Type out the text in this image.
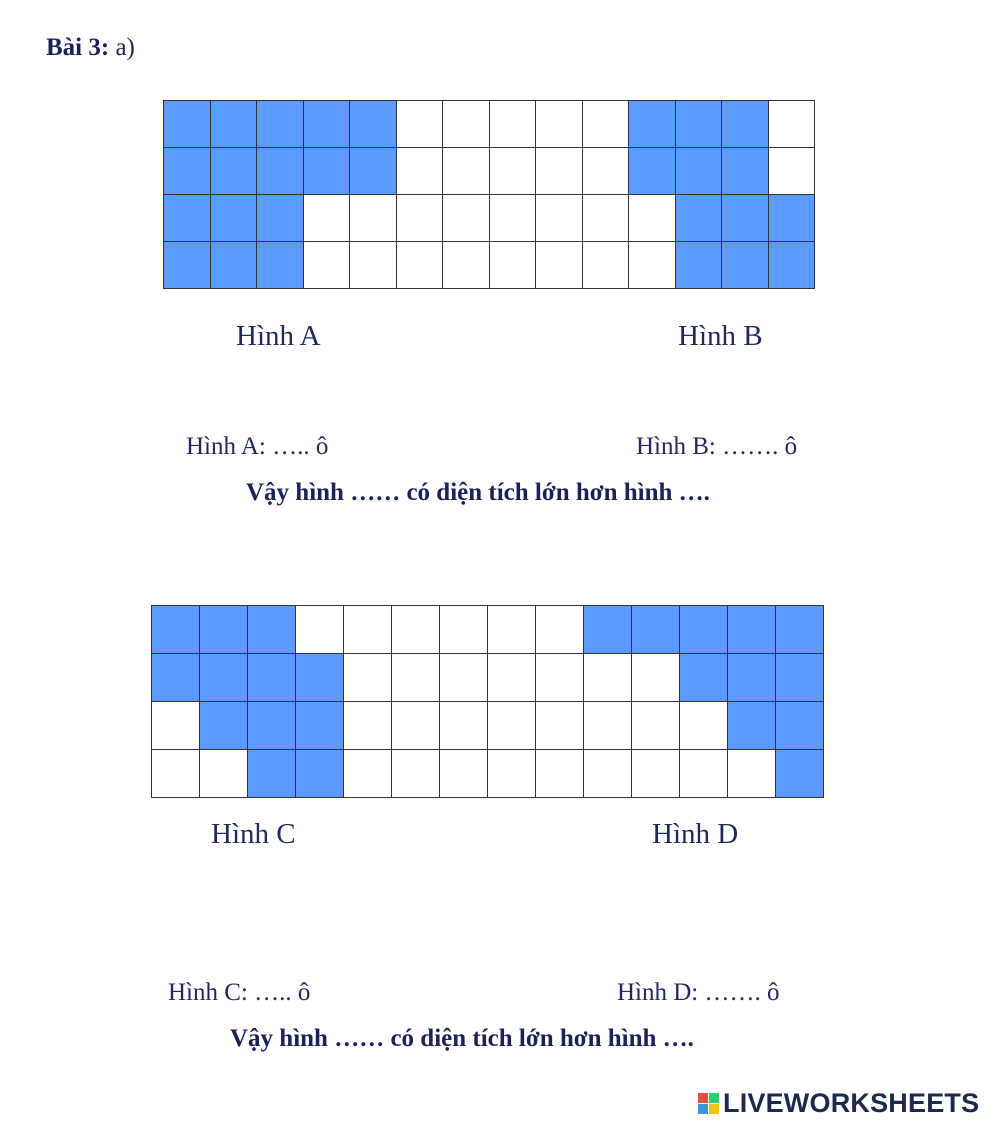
Bài 3: a)
Hình A	Hình B
Hình A: ….. ô	Hình B: ……. ô
Vậy hình …… có diện tích lớn hơn hình ….
Hình C	Hình D
Hình C: ….. ô	Hình D: ……. ô
Vậy hình …… có diện tích lớn hơn hình ….
LIVEWORKSHEETS
